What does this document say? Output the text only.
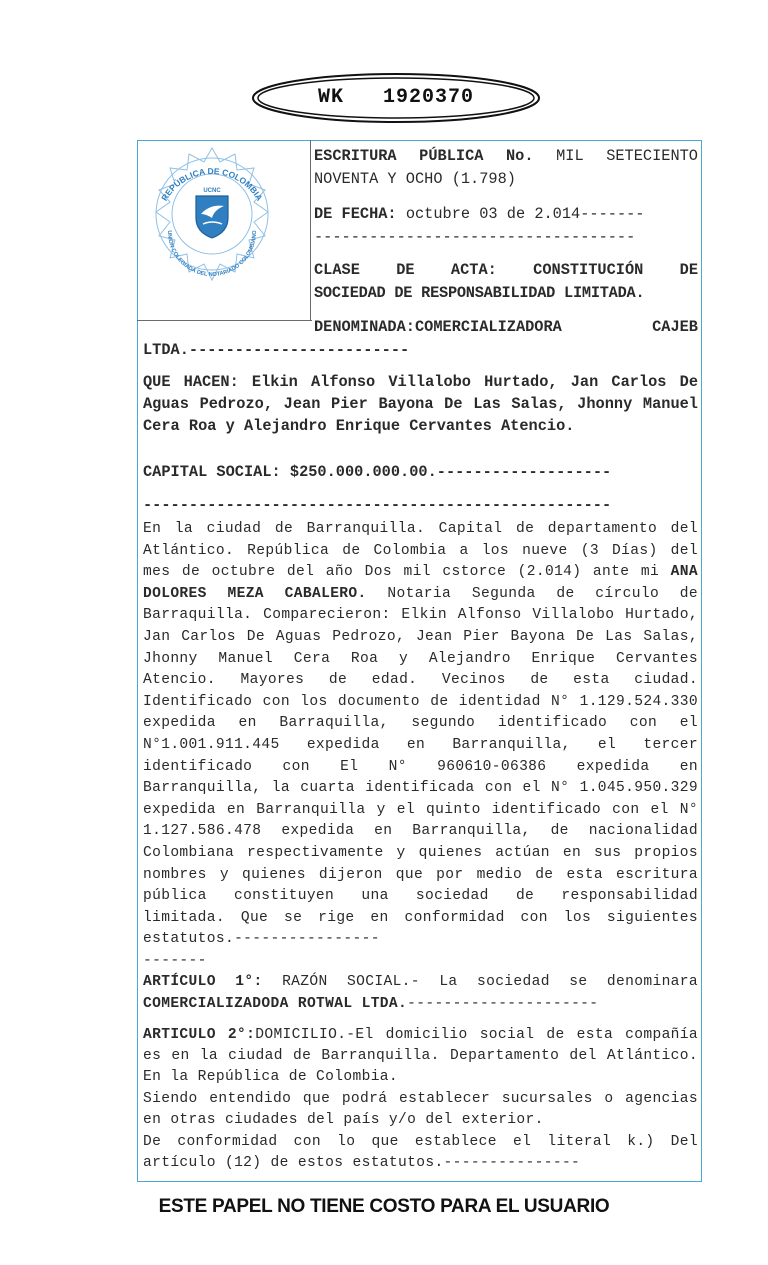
WK 1920370
REPÚBLICA DE COLOMBIA
UNIÓN COLEGIADA DEL NOTARIADO COLOMBIANO
UCNC
ESCRITURA PÚBLICA No. MIL SETECIENTO
NOVENTA Y OCHO (1.798)
DE FECHA: octubre 03 de 2.014-------
-----------------------------------
CLASE DE ACTA: CONSTITUCIÓN DE
SOCIEDAD DE RESPONSABILIDAD LIMITADA.
DENOMINADA:COMERCIALIZADORA CAJEB
LTDA.------------------------
QUE HACEN: Elkin Alfonso Villalobo Hurtado, Jan Carlos De Aguas Pedrozo, Jean Pier Bayona De Las Salas, Jhonny Manuel Cera Roa y Alejandro Enrique Cervantes Atencio.
CAPITAL SOCIAL: $250.000.000.00.-------------------
---------------------------------------------------
En la ciudad de Barranquilla. Capital de departamento del Atlántico. República de Colombia a los nueve (3 Días) del mes de octubre del año Dos mil cstorce (2.014) ante mi ANA DOLORES MEZA CABALERO. Notaria Segunda de círculo de Barraquilla. Comparecieron: Elkin Alfonso Villalobo Hurtado, Jan Carlos De Aguas Pedrozo, Jean Pier Bayona De Las Salas, Jhonny Manuel Cera Roa y Alejandro Enrique Cervantes Atencio. Mayores de edad. Vecinos de esta ciudad. Identificado con los documento de identidad N° 1.129.524.330 expedida en Barraquilla, segundo identificado con el N°1.001.911.445 expedida en Barranquilla, el tercer identificado con El N° 960610-06386 expedida en Barranquilla, la cuarta identificada con el N° 1.045.950.329 expedida en Barranquilla y el quinto identificado con el N° 1.127.586.478 expedida en Barranquilla, de nacionalidad Colombiana respectivamente y quienes actúan en sus propios nombres y quienes dijeron que por medio de esta escritura pública constituyen una sociedad de responsabilidad limitada. Que se rige en conformidad con los siguientes estatutos.----------------
-------
ARTÍCULO 1°: RAZÓN SOCIAL.- La sociedad se denominara
COMERCIALIZADODA ROTWAL LTDA.---------------------
ARTICULO 2°:DOMICILIO.-El domicilio social de esta compañía es en la ciudad de Barranquilla. Departamento del Atlántico. En la República de Colombia.
Siendo entendido que podrá establecer sucursales o agencias en otras ciudades del país y/o del exterior.
De conformidad con lo que establece el literal k.) Del artículo (12) de estos estatutos.---------------
ESTE PAPEL NO TIENE COSTO PARA EL USUARIO
